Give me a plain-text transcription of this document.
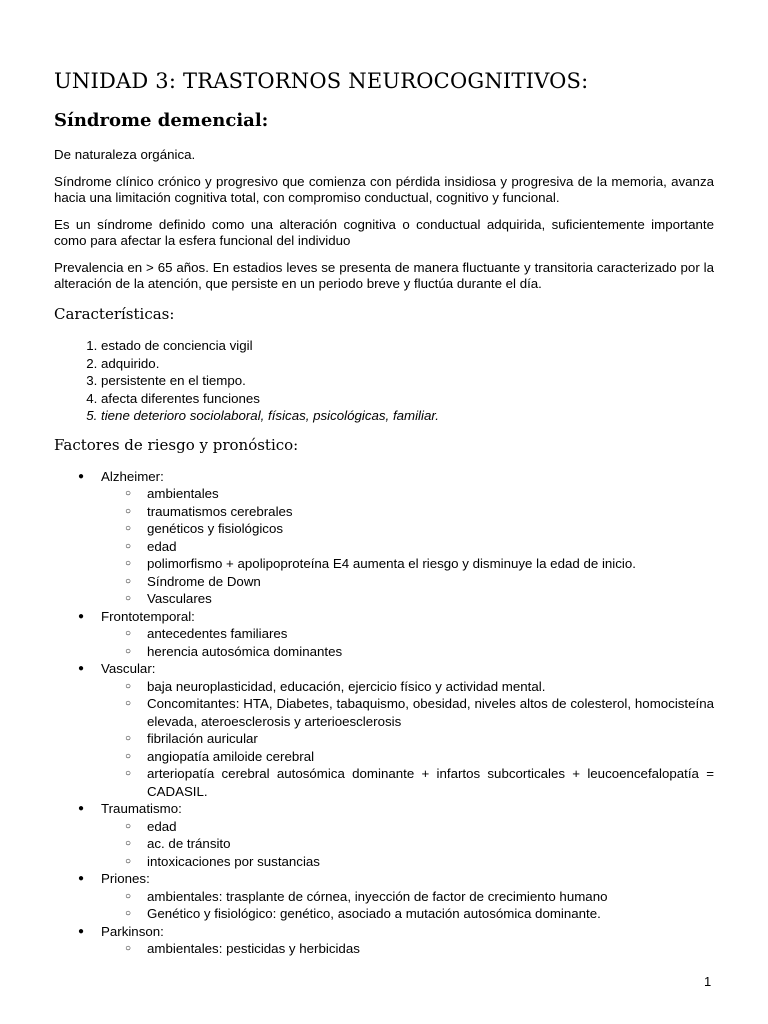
UNIDAD 3: TRASTORNOS NEUROCOGNITIVOS:
Síndrome demencial:

De naturaleza orgánica.

Síndrome clínico crónico y progresivo que comienza con pérdida insidiosa y progresiva de la memoria, avanza hacia una limitación cognitiva total, con compromiso conductual, cognitivo y funcional.

Es un síndrome definido como una alteración cognitiva o conductual adquirida, suficientemente importante como para afectar la esfera funcional del individuo

Prevalencia en > 65 años. En estadios leves se presenta de manera fluctuante y transitoria caracterizado por la alteración de la atención, que persiste en un periodo breve y fluctúa durante el día.

Características:
1. estado de conciencia vigil
2. adquirido.
3. persistente en el tiempo.
4. afecta diferentes funciones
5. tiene deterioro sociolaboral, físicas, psicológicas, familiar.
Factores de riesgo y pronóstico:
● Alzheimer:
○ ambientales
○ traumatismos cerebrales
○ genéticos y fisiológicos
○ edad
○ polimorfismo + apolipoproteína E4 aumenta el riesgo y disminuye la edad de inicio.
○ Síndrome de Down
○ Vasculares
● Frontotemporal:
○ antecedentes familiares
○ herencia autosómica dominantes
● Vascular:
○ baja neuroplasticidad, educación, ejercicio físico y actividad mental.
○ Concomitantes: HTA, Diabetes, tabaquismo, obesidad, niveles altos de colesterol, homocisteína elevada, ateroesclerosis y arterioesclerosis
○ fibrilación auricular
○ angiopatía amiloide cerebral
○ arteriopatía cerebral autosómica dominante + infartos subcorticales + leucoencefalopatía = CADASIL.
● Traumatismo:
○ edad
○ ac. de tránsito
○ intoxicaciones por sustancias
● Priones:
○ ambientales: trasplante de córnea, inyección de factor de crecimiento humano
○ Genético y fisiológico: genético, asociado a mutación autosómica dominante.
● Parkinson:
○ ambientales: pesticidas y herbicidas
1
